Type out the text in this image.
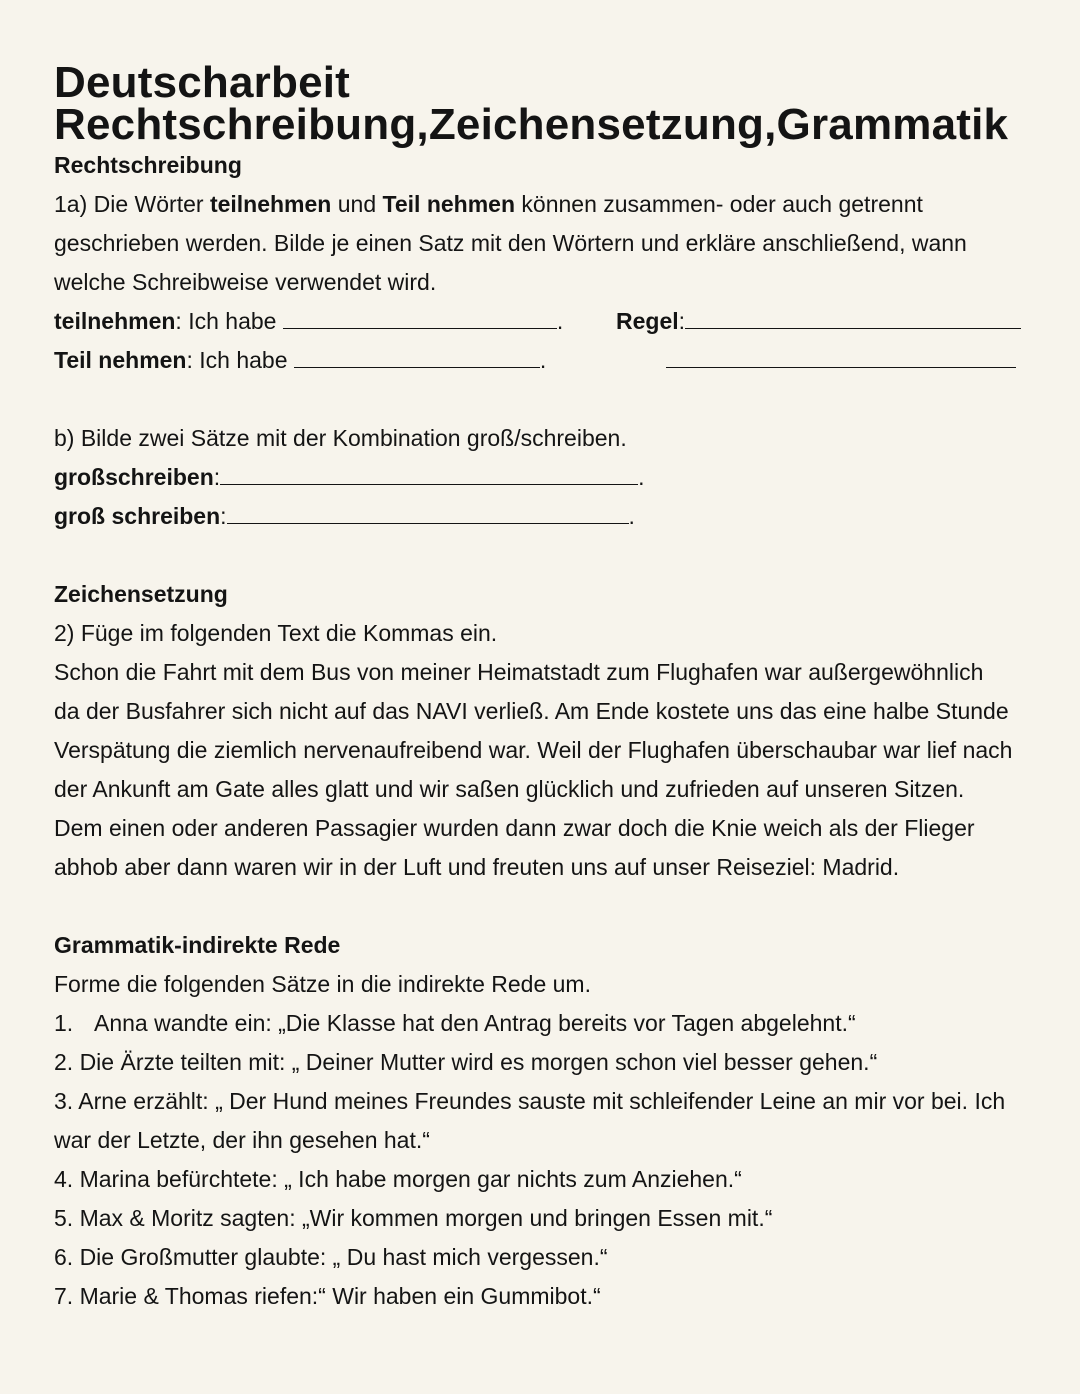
Deutscharbeit
Rechtschreibung,Zeichensetzung,Grammatik
Rechtschreibung

1a) Die Wörter teilnehmen und Teil nehmen können zusammen- oder auch getrennt
geschrieben werden. Bilde je einen Satz mit den Wörtern und erkläre anschließend, wann
welche Schreibweise verwendet wird.

teilnehmen: Ich habe	. Regel:
Teil nehmen: Ich habe	.

b) Bilde zwei Sätze mit der Kombination groß/schreiben.

großschreiben:	.
groß schreiben:	.
Zeichensetzung

2) Füge im folgenden Text die Kommas ein.

Schon die Fahrt mit dem Bus von meiner Heimatstadt zum Flughafen war außergewöhnlich
da der Busfahrer sich nicht auf das NAVI verließ. Am Ende kostete uns das eine halbe Stunde
Verspätung die ziemlich nervenaufreibend war. Weil der Flughafen überschaubar war lief nach
der Ankunft am Gate alles glatt und wir saßen glücklich und zufrieden auf unseren Sitzen.
Dem einen oder anderen Passagier wurden dann zwar doch die Knie weich als der Flieger
abhob aber dann waren wir in der Luft und freuten uns auf unser Reiseziel: Madrid.

Grammatik-indirekte Rede

Forme die folgenden Sätze in die indirekte Rede um.

1. Anna wandte ein: „Die Klasse hat den Antrag bereits vor Tagen abgelehnt.“

2. Die Ärzte teilten mit: „ Deiner Mutter wird es morgen schon viel besser gehen.“

3. Arne erzählt: „ Der Hund meines Freundes sauste mit schleifender Leine an mir vor bei. Ich
war der Letzte, der ihn gesehen hat.“

4. Marina befürchtete: „ Ich habe morgen gar nichts zum Anziehen.“

5. Max & Moritz sagten: „Wir kommen morgen und bringen Essen mit.“

6. Die Großmutter glaubte: „ Du hast mich vergessen.“

7. Marie & Thomas riefen:“ Wir haben ein Gummibot.“
